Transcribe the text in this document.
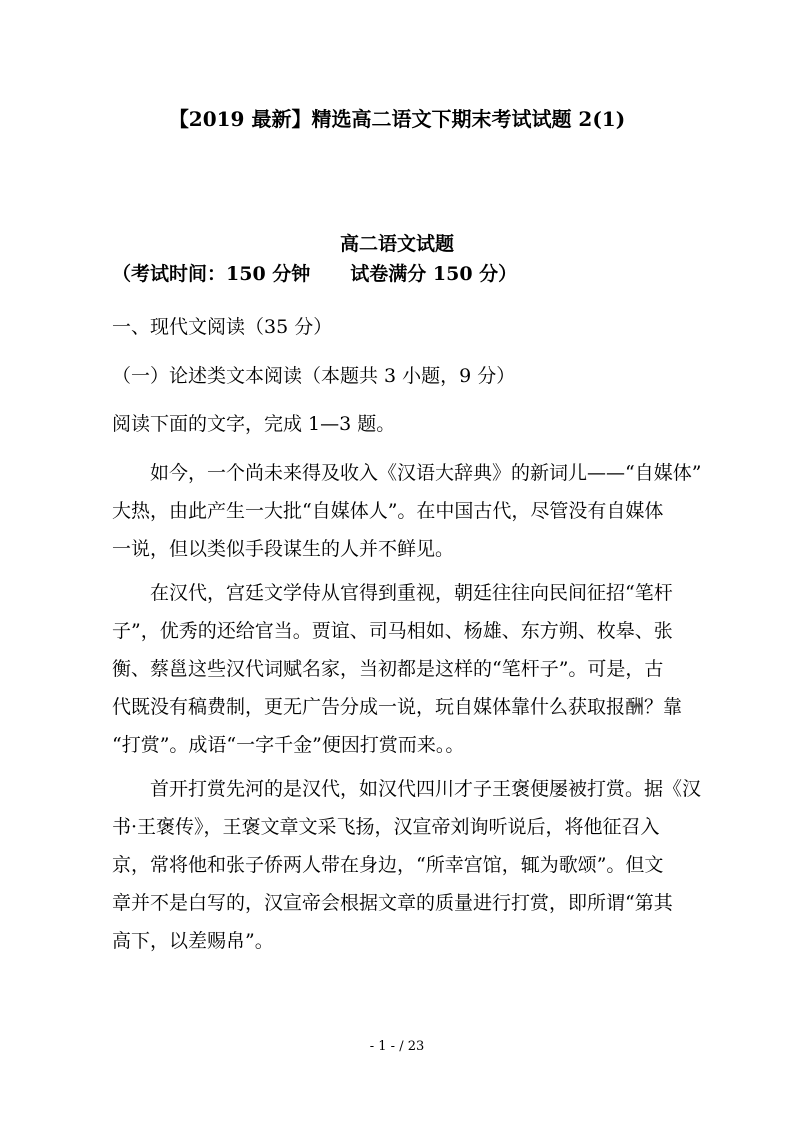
【2019 最新】精选高二语文下期末考试试题 2(1)
高二语文试题
（考试时间：150 分钟 试卷满分 150 分）
一、现代文阅读（35 分）
（一）论述类文本阅读（本题共 3 小题，9 分）
阅读下面的文字，完成 1—3 题。
　　如今，一个尚未来得及收入《汉语大辞典》的新词儿——“自媒体”
大热，由此产生一大批“自媒体人”。在中国古代，尽管没有自媒体
一说，但以类似手段谋生的人并不鲜见。
　　在汉代，宫廷文学侍从官得到重视，朝廷往往向民间征招“笔杆
子”，优秀的还给官当。贾谊、司马相如、杨雄、东方朔、枚皋、张
衡、蔡邕这些汉代词赋名家，当初都是这样的“笔杆子”。可是，古
代既没有稿费制，更无广告分成一说，玩自媒体靠什么获取报酬？靠
“打赏”。成语“一字千金”便因打赏而来。。
　　首开打赏先河的是汉代，如汉代四川才子王褒便屡被打赏。据《汉
书·王褒传》，王褒文章文采飞扬，汉宣帝刘询听说后，将他征召入
京，常将他和张子侨两人带在身边，“所幸宫馆，辄为歌颂”。但文
章并不是白写的，汉宣帝会根据文章的质量进行打赏，即所谓“第其
高下，以差赐帛”。
- 1 - / 23
